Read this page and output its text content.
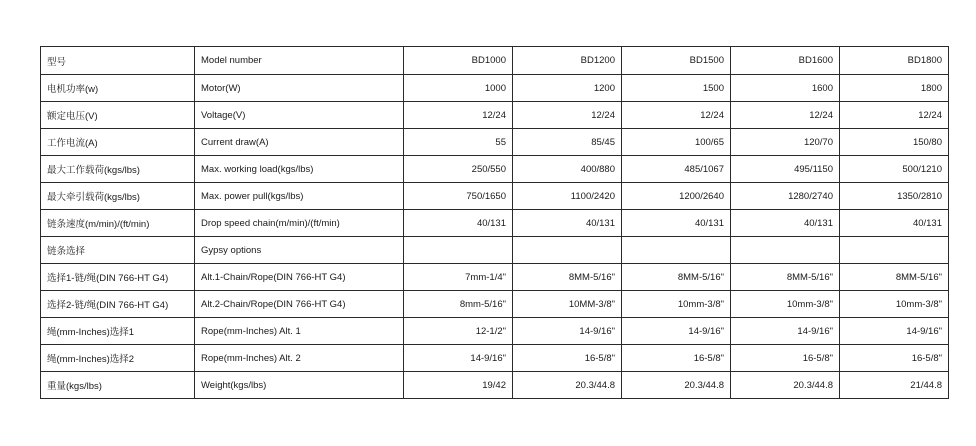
型号	Model number	BD1000	BD1200	BD1500	BD1600	BD1800
电机功率(w)	Motor(W)	1000	1200	1500	1600	1800
额定电压(V)	Voltage(V)	12/24	12/24	12/24	12/24	12/24
工作电流(A)	Current draw(A)	55	85/45	100/65	120/70	150/80
最大工作载荷(kgs/lbs)	Max. working load(kgs/lbs)	250/550	400/880	485/1067	495/1150	500/1210
最大牵引载荷(kgs/lbs)	Max. power pull(kgs/lbs)	750/1650	1100/2420	1200/2640	1280/2740	1350/2810
链条速度(m/min)/(ft/min)	Drop speed chain(m/min)/(ft/min)	40/131	40/131	40/131	40/131	40/131
链条选择	Gypsy options					
选择1-链/绳(DIN 766-HT G4)	Alt.1-Chain/Rope(DIN 766-HT G4)	7mm-1/4"	8MM-5/16"	8MM-5/16"	8MM-5/16"	8MM-5/16"
选择2-链/绳(DIN 766-HT G4)	Alt.2-Chain/Rope(DIN 766-HT G4)	8mm-5/16"	10MM-3/8"	10mm-3/8"	10mm-3/8"	10mm-3/8"
绳(mm-Inches)选择1	Rope(mm-Inches) Alt. 1	12-1/2"	14-9/16"	14-9/16"	14-9/16"	14-9/16"
绳(mm-Inches)选择2	Rope(mm-Inches) Alt. 2	14-9/16"	16-5/8"	16-5/8"	16-5/8"	16-5/8"
重量(kgs/lbs)	Weight(kgs/lbs)	19/42	20.3/44.8	20.3/44.8	20.3/44.8	21/44.8
